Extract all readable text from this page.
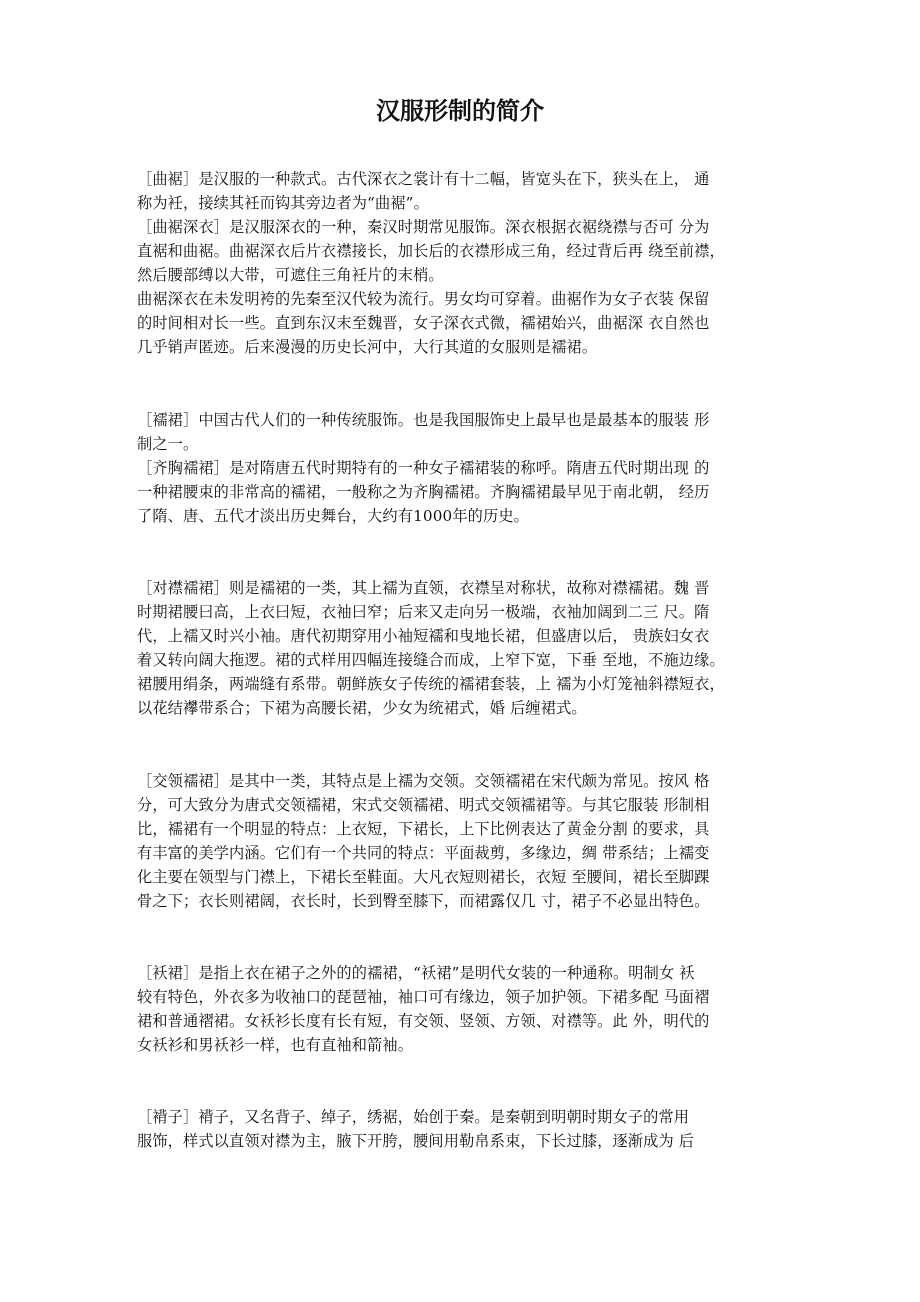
汉服形制的简介
［曲裾］是汉服的一种款式。古代深衣之裳计有十二幅，皆宽头在下，狭头在上， 通
称为衽，接续其衽而钩其旁边者为“曲裾”。
［曲裾深衣］是汉服深衣的一种，秦汉时期常见服饰。深衣根据衣裾绕襟与否可 分为
直裾和曲裾。曲裾深衣后片衣襟接长，加长后的衣襟形成三角，经过背后再 绕至前襟，
然后腰部缚以大带，可遮住三角衽片的末梢。
曲裾深衣在未发明袴的先秦至汉代较为流行。男女均可穿着。曲裾作为女子衣装 保留
的时间相对长一些。直到东汉末至魏晋，女子深衣式微，襦裙始兴，曲裾深 衣自然也
几乎销声匿迹。后来漫漫的历史长河中，大行其道的女服则是襦裙。
［襦裙］中国古代人们的一种传统服饰。也是我国服饰史上最早也是最基本的服装 形
制之一。
［齐胸襦裙］是对隋唐五代时期特有的一种女子襦裙装的称呼。隋唐五代时期出现 的
一种裙腰束的非常高的襦裙，一般称之为齐胸襦裙。齐胸襦裙最早见于南北朝， 经历
了隋、唐、五代才淡出历史舞台，大约有1000年的历史。
［对襟襦裙］则是襦裙的一类，其上襦为直领，衣襟呈对称状，故称对襟襦裙。魏 晋
时期裙腰曰高，上衣曰短，衣袖曰窄；后来又走向另一极端，衣袖加阔到二三 尺。隋
代，上襦又时兴小袖。唐代初期穿用小袖短襦和曳地长裙，但盛唐以后， 贵族妇女衣
着又转向阔大拖逻。裙的式样用四幅连接缝合而成，上窄下宽，下垂 至地，不施边缘。
裙腰用绢条，两端缝有系带。朝鲜族女子传统的襦裙套装，上 襦为小灯笼袖斜襟短衣，
以花结襻带系合；下裙为高腰长裙，少女为统裙式，婚 后缠裙式。
［交领襦裙］是其中一类，其特点是上襦为交领。交领襦裙在宋代颇为常见。按风 格
分，可大致分为唐式交领襦裙，宋式交领襦裙、明式交领襦裙等。与其它服装 形制相
比，襦裙有一个明显的特点：上衣短，下裙长，上下比例表达了黄金分割 的要求，具
有丰富的美学内涵。它们有一个共同的特点：平面裁剪，多缘边，绸 带系结；上襦变
化主要在领型与门襟上，下裙长至鞋面。大凡衣短则裙长，衣短 至腰间，裙长至脚踝
骨之下；衣长则裙阔，衣长时，长到臀至膝下，而裙露仅几 寸，裙子不必显出特色。
［袄裙］是指上衣在裙子之外的的襦裙，“袄裙”是明代女装的一种通称。明制女 袄
较有特色，外衣多为收袖口的琵琶袖，袖口可有缘边，领子加护领。下裙多配 马面褶
裙和普通褶裙。女袄衫长度有长有短，有交领、竖领、方领、对襟等。此 外，明代的
女袄衫和男袄衫一样，也有直袖和箭袖。
［褙子］褙子，又名背子、绰子，绣裾，始创于秦。是秦朝到明朝时期女子的常用
服饰，样式以直领对襟为主，腋下开胯，腰间用勒帛系束，下长过膝，逐渐成为 后
